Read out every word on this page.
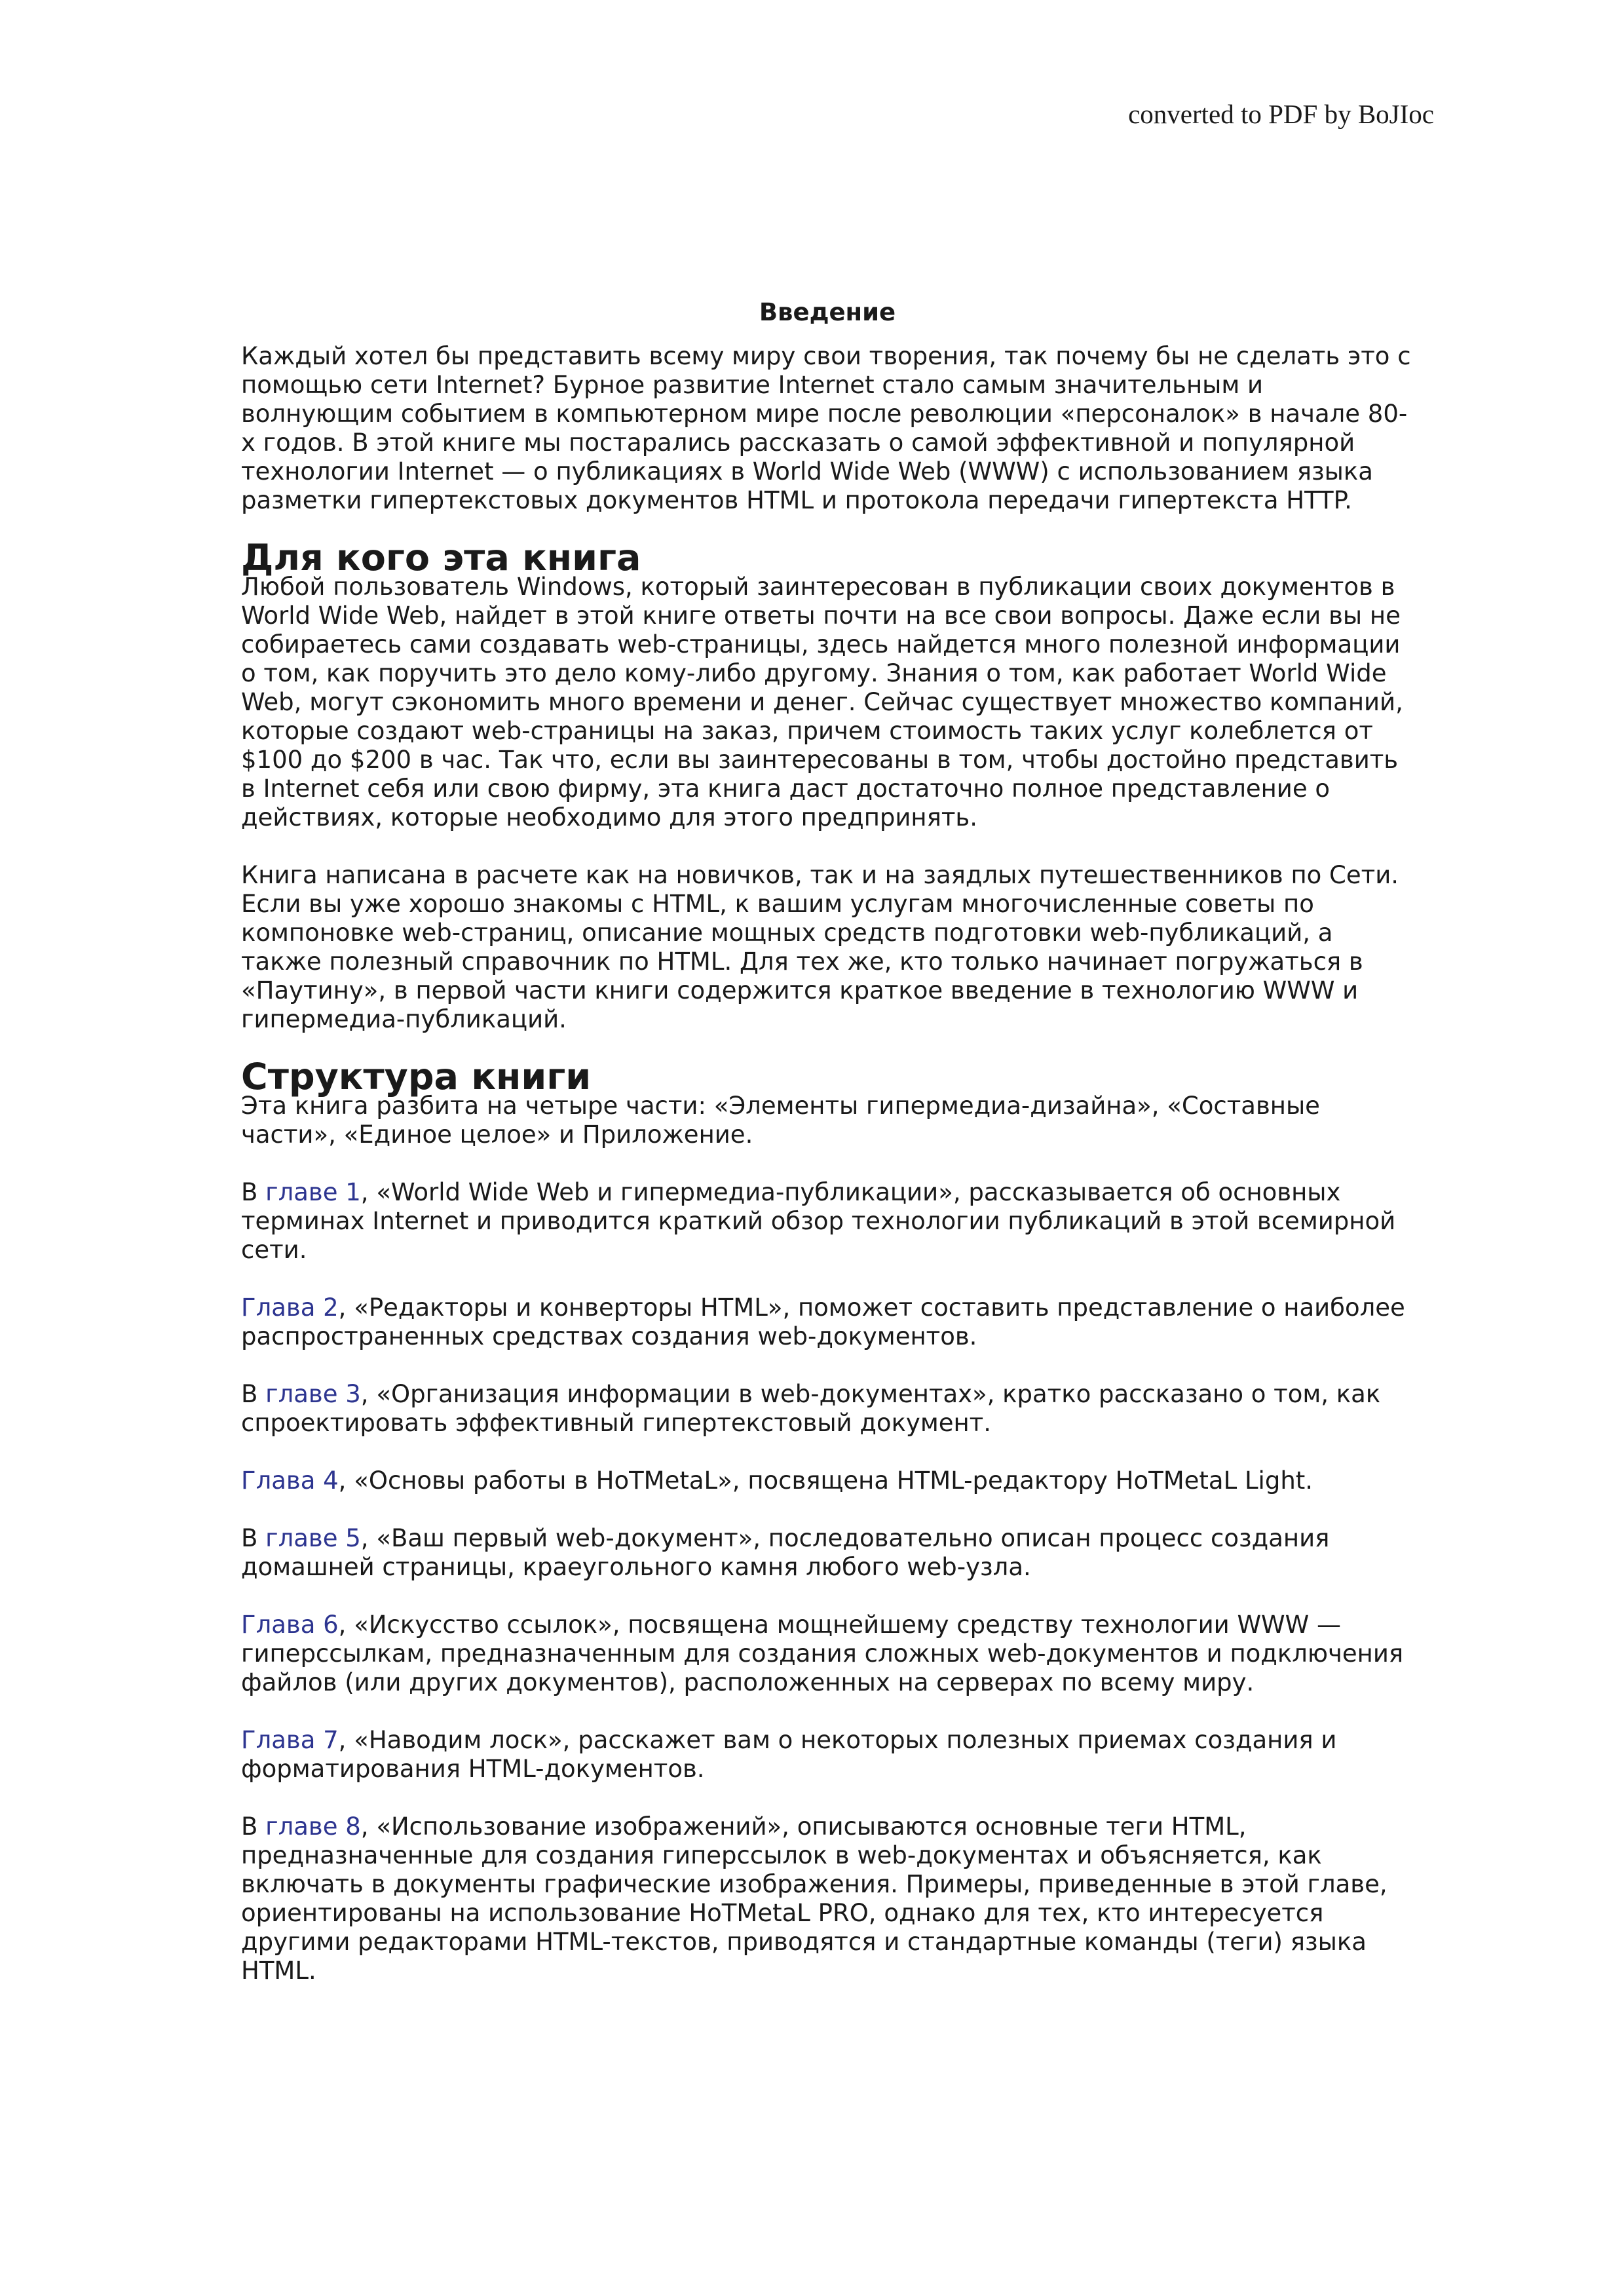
converted to PDF by BoJIoc
Введение

Каждый хотел бы представить всему миру свои творения, так почему бы не сделать это с помощью сети Internet? Бурное развитие Internet стало самым значительным и волнующим событием в компьютерном мире после революции «персоналок» в начале 80-х годов. В этой книге мы постарались рассказать о самой эффективной и популярной технологии Internet — о публикациях в World Wide Web (WWW) с использованием языка разметки гипертекстовых документов HTML и протокола передачи гипертекста HTTP.

Для кого эта книга

Любой пользователь Windows, который заинтересован в публикации своих документов в World Wide Web, найдет в этой книге ответы почти на все свои вопросы. Даже если вы не собираетесь сами создавать web-страницы, здесь найдется много полезной информации о том, как поручить это дело кому-либо другому. Знания о том, как работает World Wide Web, могут сэкономить много времени и денег. Сейчас существует множество компаний, которые создают web-страницы на заказ, причем стоимость таких услуг колеблется от $100 до $200 в час. Так что, если вы заинтересованы в том, чтобы достойно представить в Internet себя или свою фирму, эта книга даст достаточно полное представление о действиях, которые необходимо для этого предпринять.

Книга написана в расчете как на новичков, так и на заядлых путешественников по Сети. Если вы уже хорошо знакомы с HTML, к вашим услугам многочисленные советы по компоновке web-страниц, описание мощных средств подготовки web-публикаций, а также полезный справочник по HTML. Для тех же, кто только начинает погружаться в «Паутину», в первой части книги содержится краткое введение в технологию WWW и гипермедиа-публикаций.

Структура книги

Эта книга разбита на четыре части: «Элементы гипермедиа-дизайна», «Составные части», «Единое целое» и Приложение.

В главе 1, «World Wide Web и гипермедиа-публикации», рассказывается об основных терминах Internet и приводится краткий обзор технологии публикаций в этой всемирной сети.

Глава 2, «Редакторы и конверторы HTML», поможет составить представление о наиболее распространенных средствах создания web-документов.

В главе 3, «Организация информации в web-документах», кратко рассказано о том, как спроектировать эффективный гипертекстовый документ.

Глава 4, «Основы работы в HoTMetaL», посвящена HTML-редактору HoTMetaL Light.

В главе 5, «Ваш первый web-документ», последовательно описан процесс создания домашней страницы, краеугольного камня любого web-узла.

Глава 6, «Искусство ссылок», посвящена мощнейшему средству технологии WWW — гиперссылкам, предназначенным для создания сложных web-документов и подключения файлов (или других документов), расположенных на серверах по всему миру.

Глава 7, «Наводим лоск», расскажет вам о некоторых полезных приемах создания и форматирования HTML-документов.

В главе 8, «Использование изображений», описываются основные теги HTML, предназначенные для создания гиперссылок в web-документах и объясняется, как включать в документы графические изображения. Примеры, приведенные в этой главе, ориентированы на использование HoTMetaL PRO, однако для тех, кто интересуется другими редакторами HTML-текстов, приводятся и стандартные команды (теги) языка HTML.
